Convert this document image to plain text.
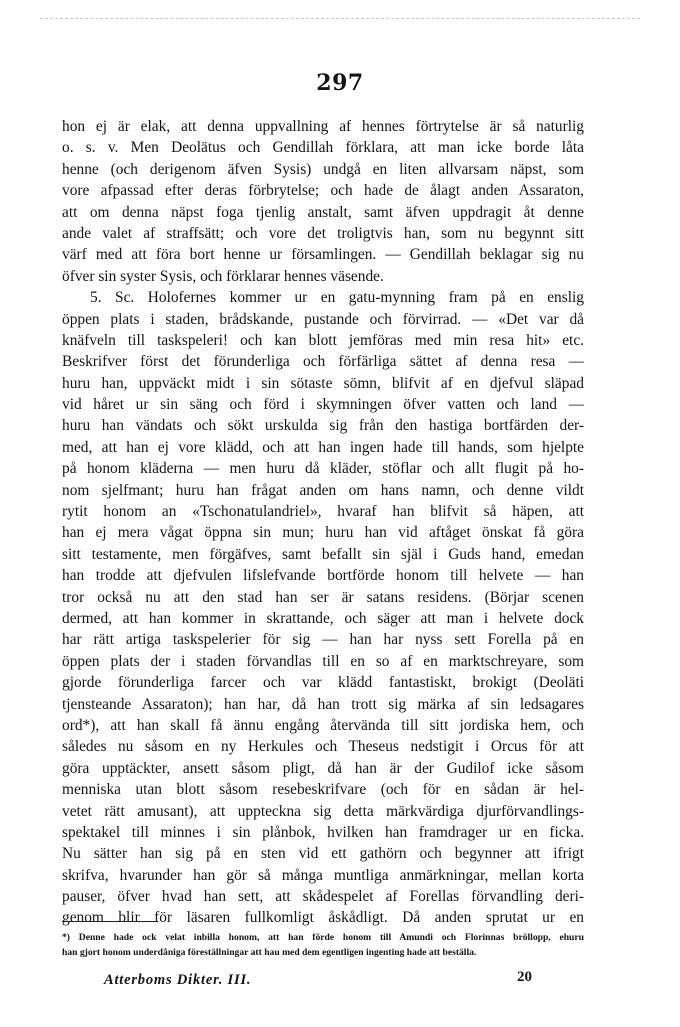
297
hon ej är elak, att denna uppvallning af hennes förtrytelse är så naturlig
o. s. v. Men Deolätus och Gendillah förklara, att man icke borde låta
henne (och derigenom äfven Sysis) undgå en liten allvarsam näpst, som
vore afpassad efter deras förbrytelse; och hade de ålagt anden Assaraton,
att om denna näpst foga tjenlig anstalt, samt äfven uppdragit åt denne
ande valet af straffsätt; och vore det troligtvis han, som nu begynnt sitt
värf med att föra bort henne ur församlingen. — Gendillah beklagar sig nu
öfver sin syster Sysis, och förklarar hennes väsende.
5. Sc. Holofernes kommer ur en gatu-mynning fram på en enslig
öppen plats i staden, brådskande, pustande och förvirrad. — «Det var då
knäfveln till taskspeleri! och kan blott jemföras med min resa hit» etc.
Beskrifver först det förunderliga och förfärliga sättet af denna resa —
huru han, uppväckt midt i sin sötaste sömn, blifvit af en djefvul släpad
vid håret ur sin säng och förd i skymningen öfver vatten och land —
huru han vändats och sökt urskulda sig från den hastiga bortfärden der-
med, att han ej vore klädd, och att han ingen hade till hands, som hjelpte
på honom kläderna — men huru då kläder, stöflar och allt flugit på ho-
nom sjelfmant; huru han frågat anden om hans namn, och denne vildt
rytit honom an «Tschonatulandriel», hvaraf han blifvit så häpen, att
han ej mera vågat öppna sin mun; huru han vid aftåget önskat få göra
sitt testamente, men förgäfves, samt befallt sin själ i Guds hand, emedan
han trodde att djefvulen lifslefvande bortförde honom till helvete — han
tror också nu att den stad han ser är satans residens. (Börjar scenen
dermed, att han kommer in skrattande, och säger att man i helvete dock
har rätt artiga taskspelerier för sig — han har nyss sett Forella på en
öppen plats der i staden förvandlas till en so af en marktschreyare, som
gjorde förunderliga farcer och var klädd fantastiskt, brokigt (Deoläti
tjensteande Assaraton); han har, då han trott sig märka af sin ledsagares
ord*), att han skall få ännu engång återvända till sitt jordiska hem, och
således nu såsom en ny Herkules och Theseus nedstigit i Orcus för att
göra upptäckter, ansett såsom pligt, då han är der Gudilof icke såsom
menniska utan blott såsom resebeskrifvare (och för en sådan är hel-
vetet rätt amusant), att uppteckna sig detta märkvärdiga djurförvandlings-
spektakel till minnes i sin plånbok, hvilken han framdrager ur en ficka.
Nu sätter han sig på en sten vid ett gathörn och begynner att ifrigt
skrifva, hvarunder han gör så många muntliga anmärkningar, mellan korta
pauser, öfver hvad han sett, att skådespelet af Forellas förvandling deri-
genom blir för läsaren fullkomligt åskådligt. Då anden sprutat ur en
*) Denne hade ock velat inbilla honom, att han förde honom till Amundi och Florinnas bröllopp, ehuru
han gjort honom underdåniga föreställningar att hau med dem egentligen ingenting hade att beställa.
Atterboms Dikter. III.	20
